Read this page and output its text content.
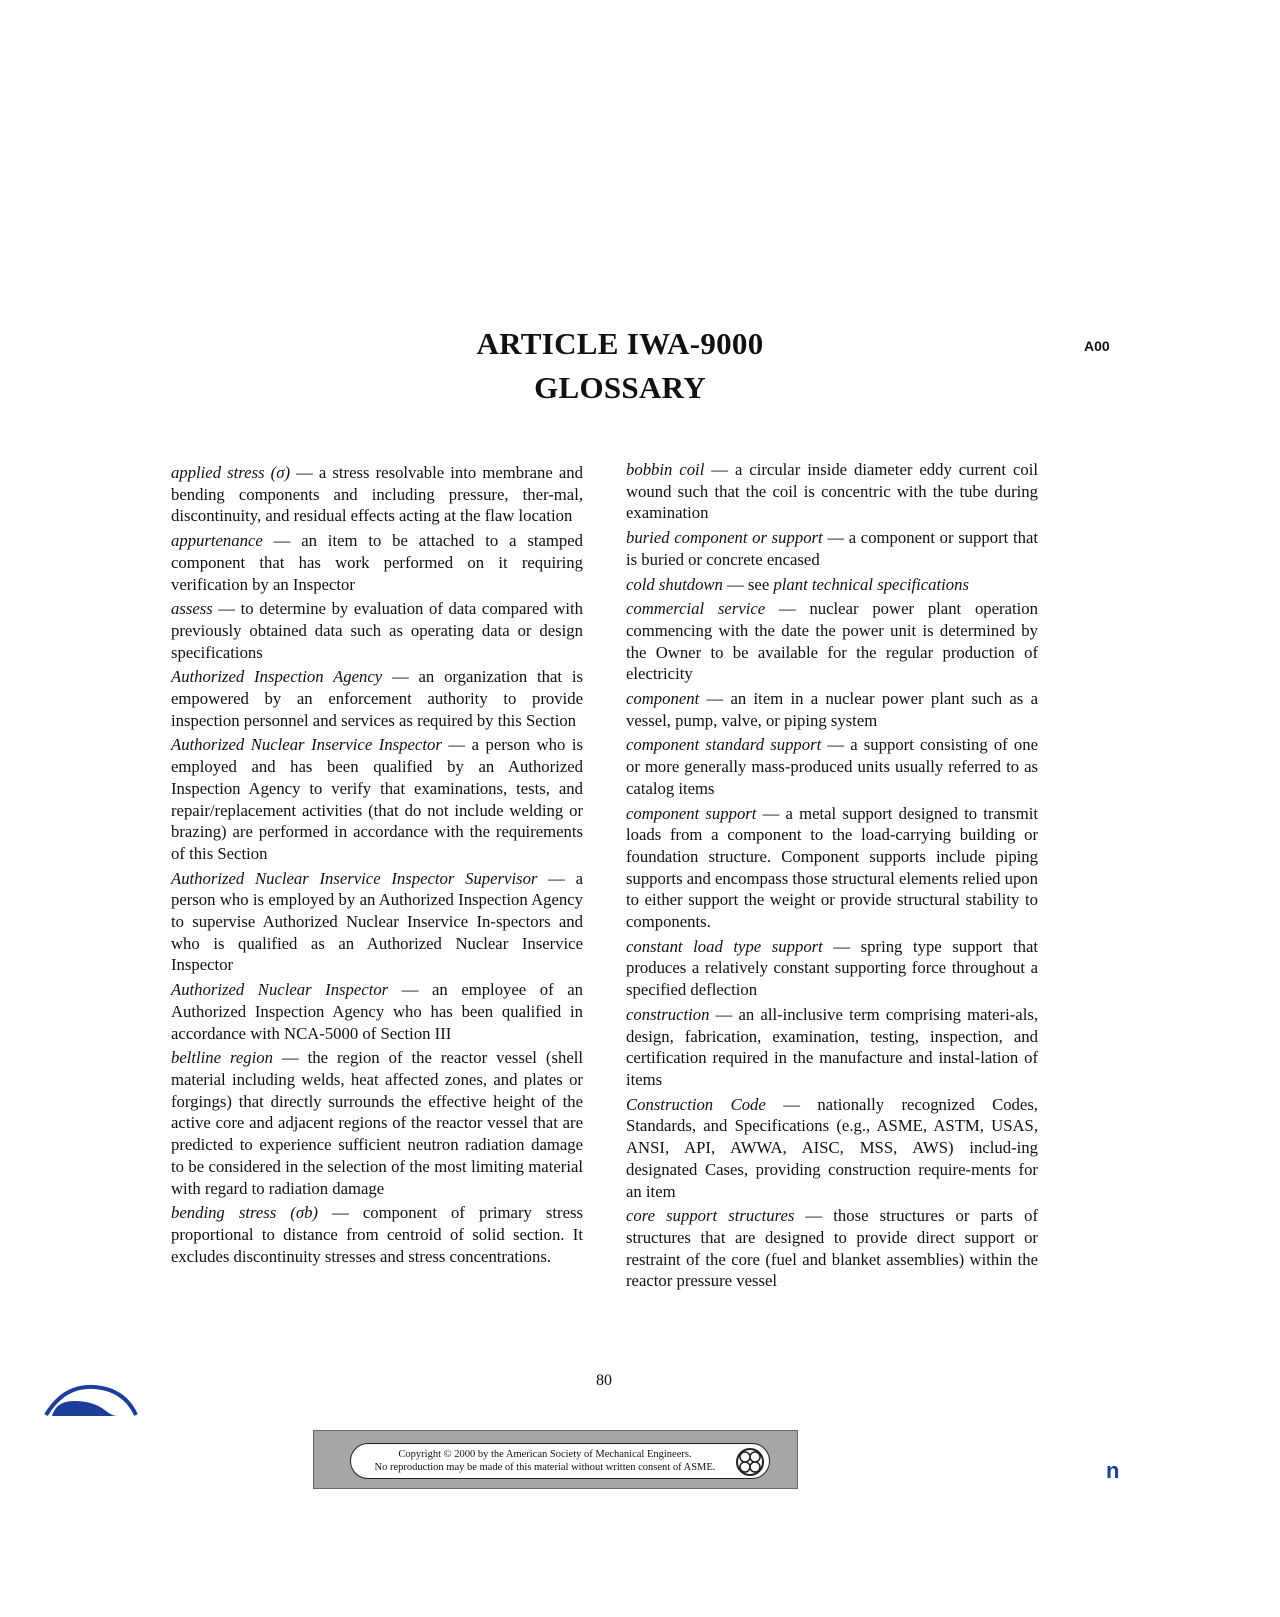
ARTICLE IWA-9000
GLOSSARY
A00

applied stress (σ) — a stress resolvable into membrane and bending components and including pressure, ther-mal, discontinuity, and residual effects acting at the flaw location

appurtenance — an item to be attached to a stamped component that has work performed on it requiring verification by an Inspector

assess — to determine by evaluation of data compared with previously obtained data such as operating data or design specifications

Authorized Inspection Agency — an organization that is empowered by an enforcement authority to provide inspection personnel and services as required by this Section

Authorized Nuclear Inservice Inspector — a person who is employed and has been qualified by an Authorized Inspection Agency to verify that examinations, tests, and repair/replacement activities (that do not include welding or brazing) are performed in accordance with the requirements of this Section

Authorized Nuclear Inservice Inspector Supervisor — a person who is employed by an Authorized Inspection Agency to supervise Authorized Nuclear Inservice In-spectors and who is qualified as an Authorized Nuclear Inservice Inspector

Authorized Nuclear Inspector — an employee of an Authorized Inspection Agency who has been qualified in accordance with NCA-5000 of Section III

beltline region — the region of the reactor vessel (shell material including welds, heat affected zones, and plates or forgings) that directly surrounds the effective height of the active core and adjacent regions of the reactor vessel that are predicted to experience sufficient neutron radiation damage to be considered in the selection of the most limiting material with regard to radiation damage

bending stress (σb) — component of primary stress proportional to distance from centroid of solid section. It excludes discontinuity stresses and stress concentrations.

bobbin coil — a circular inside diameter eddy current coil wound such that the coil is concentric with the tube during examination

buried component or support — a component or support that is buried or concrete encased

cold shutdown — see plant technical specifications

commercial service — nuclear power plant operation commencing with the date the power unit is determined by the Owner to be available for the regular production of electricity

component — an item in a nuclear power plant such as a vessel, pump, valve, or piping system

component standard support — a support consisting of one or more generally mass-produced units usually referred to as catalog items

component support — a metal support designed to transmit loads from a component to the load-carrying building or foundation structure. Component supports include piping supports and encompass those structural elements relied upon to either support the weight or provide structural stability to components.

constant load type support — spring type support that produces a relatively constant supporting force throughout a specified deflection

construction — an all-inclusive term comprising materi-als, design, fabrication, examination, testing, inspection, and certification required in the manufacture and instal-lation of items

Construction Code — nationally recognized Codes, Standards, and Specifications (e.g., ASME, ASTM, USAS, ANSI, API, AWWA, AISC, MSS, AWS) includ-ing designated Cases, providing construction require-ments for an item

core support structures — those structures or parts of structures that are designed to provide direct support or restraint of the core (fuel and blanket assemblies) within the reactor pressure vessel

80
Copyright © 2000 by the American Society of Mechanical Engineers.
No reproduction may be made of this material without written consent of ASME.	n
